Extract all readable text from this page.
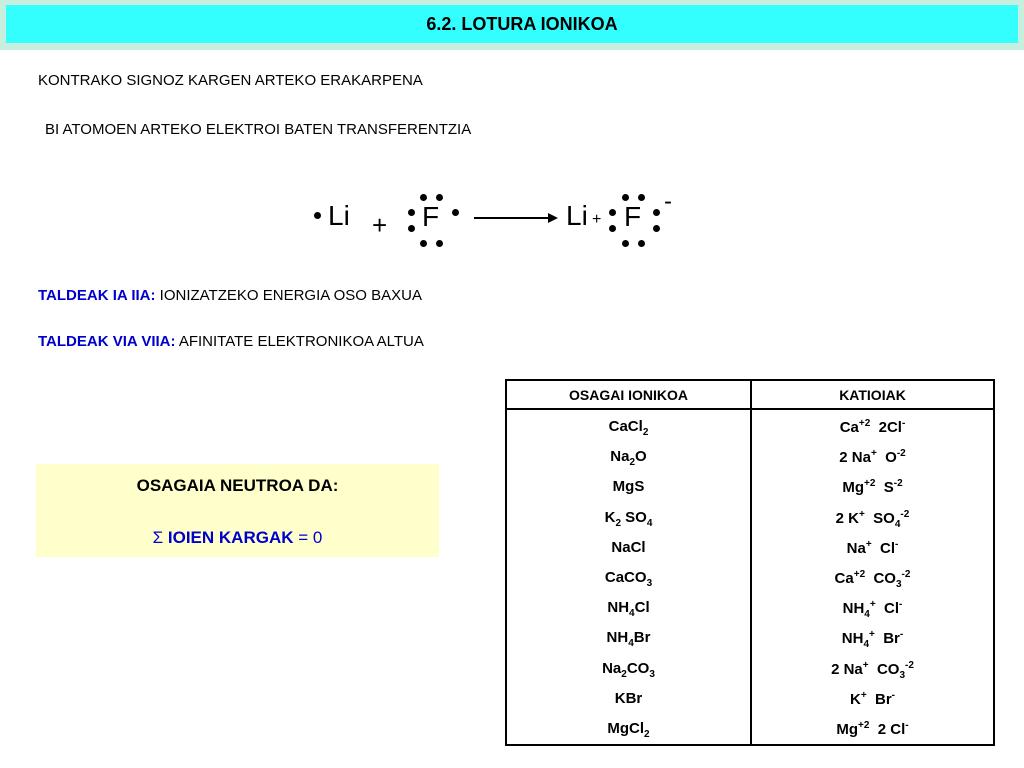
6.2. LOTURA IONIKOA
KONTRAKO SIGNOZ KARGEN ARTEKO ERAKARPENA
BI ATOMOEN ARTEKO ELEKTROI BATEN TRANSFERENTZIA
Li + F	Li + F -
TALDEAK IA IIA: IONIZATZEKO ENERGIA OSO BAXUA
TALDEAK VIA VIIA: AFINITATE ELEKTRONIKOA ALTUA
OSAGAIA NEUTROA DA:
Σ IOIEN KARGAK = 0
OSAGAI IONIKOA	KATIOIAK
CaCl$_2$	$Ca^{+2}$  2Cl-
$Na_2O$	2 Na+  $O^{-2}$
MgS	$Mg^{+2}$  $S^{-2}$
$K_2$ $SO_4$	2 K+  $SO_4^{-2}$
NaCl	Na+  Cl-
CaCO$_3$	$Ca^{+2}$  $CO_3^{-2}$
$NH_4Cl$	$NH_4^+$  Cl-
$NH_4Br$	$NH_4^+$  Br-
$Na_2CO_3$	2 Na+  $CO_3^{-2}$
KBr	K+  Br-
MgCl$_2$	$Mg^{+2}$  2 Cl-
